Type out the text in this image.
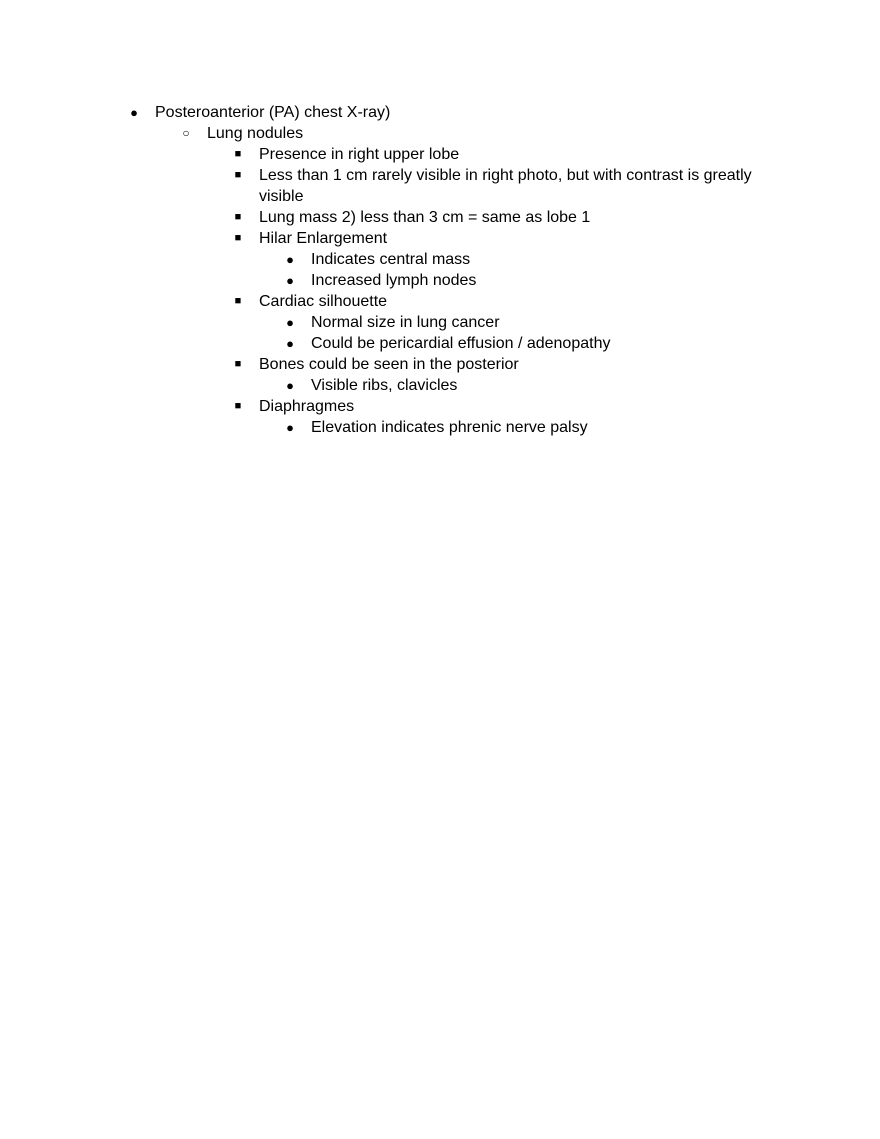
●	Posteroanterior (PA) chest X-ray)
○	Lung nodules
■	Presence in right upper lobe
■	Less than 1 cm rarely visible in right photo, but with contrast is greatly visible
■	Lung mass 2) less than 3 cm = same as lobe 1
■	Hilar Enlargement
●	Indicates central mass
●	Increased lymph nodes
■	Cardiac silhouette
●	Normal size in lung cancer
●	Could be pericardial effusion / adenopathy
■	Bones could be seen in the posterior
●	Visible ribs, clavicles
■	Diaphragmes
●	Elevation indicates phrenic nerve palsy
